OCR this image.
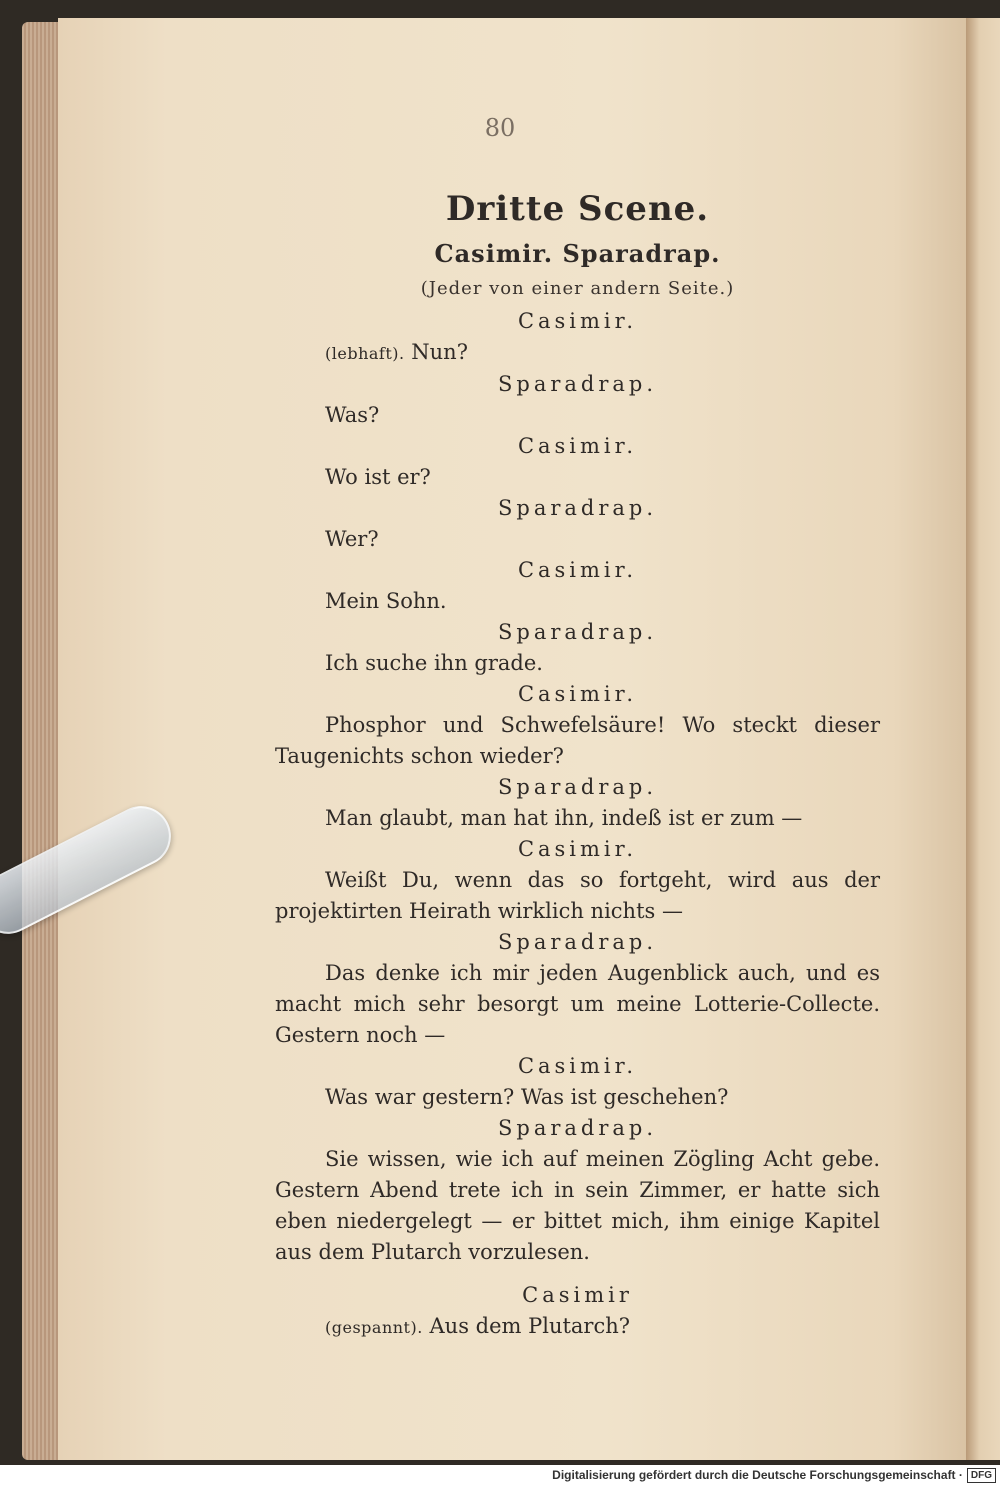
80
Dritte Scene.
Casimir. Sparadrap.
(Jeder von einer andern Seite.)
Casimir.
(lebhaft). Nun?
Sparadrap.
Was?
Casimir.
Wo ist er?
Sparadrap.
Wer?
Casimir.
Mein Sohn.
Sparadrap.
Ich suche ihn grade.
Casimir.
Phosphor und Schwefelsäure! Wo steckt dieser Taugenichts schon wieder?
Sparadrap.
Man glaubt, man hat ihn, indeß ist er zum —
Casimir.
Weißt Du, wenn das so fortgeht, wird aus der projektirten Heirath wirklich nichts —
Sparadrap.
Das denke ich mir jeden Augenblick auch, und es macht mich sehr besorgt um meine Lotterie-Collecte. Gestern noch —
Casimir.
Was war gestern? Was ist geschehen?
Sparadrap.
Sie wissen, wie ich auf meinen Zögling Acht gebe. Gestern Abend trete ich in sein Zimmer, er hatte sich eben niedergelegt — er bittet mich, ihm einige Kapitel aus dem Plutarch vorzulesen.
Casimir
(gespannt). Aus dem Plutarch?
Digitalisierung gefördert durch die Deutsche Forschungsgemeinschaft · DFG
